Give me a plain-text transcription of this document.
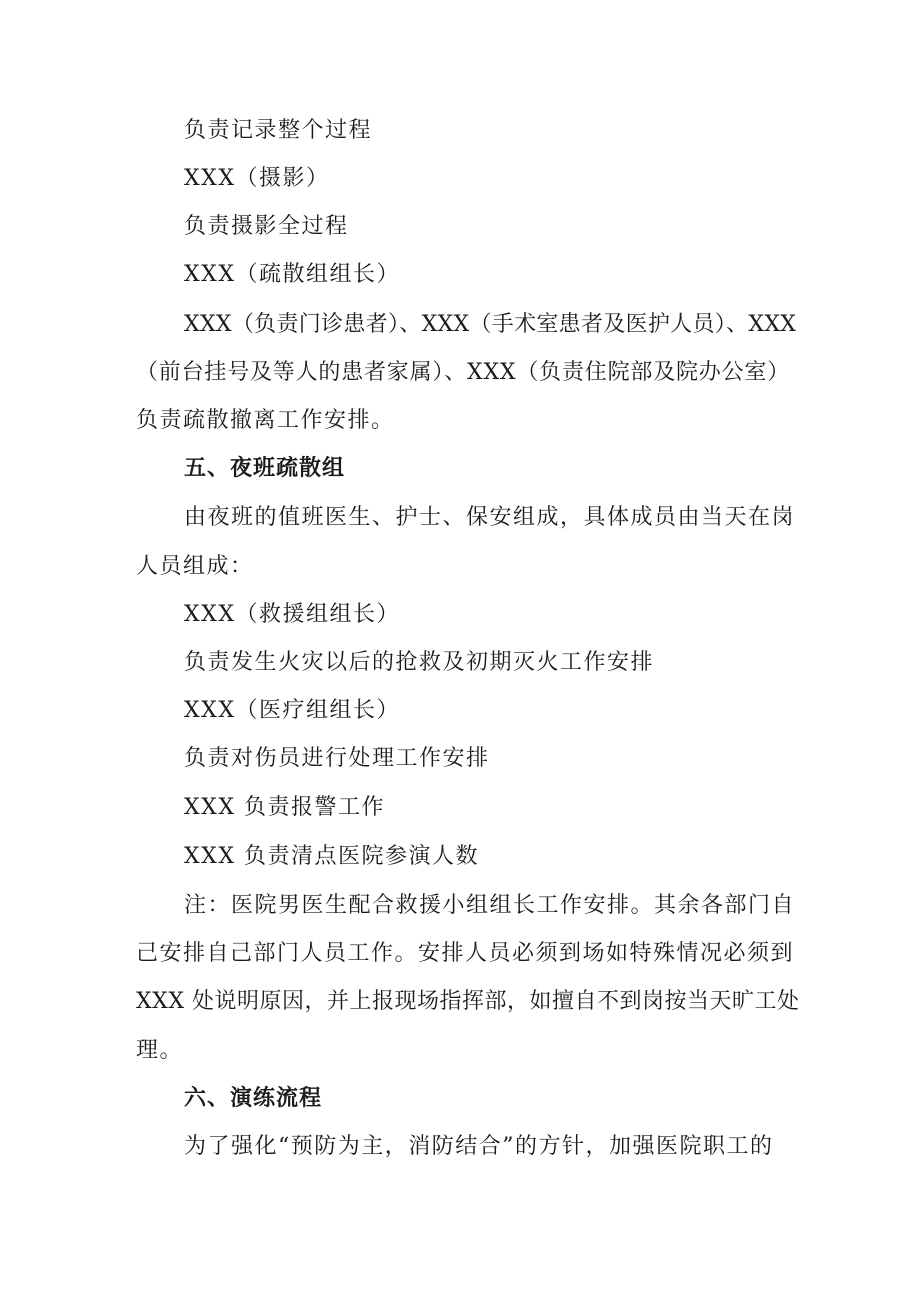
负责记录整个过程
XXX（摄影）
负责摄影全过程
XXX（疏散组组长）
XXX（负责门诊患者）、XXX（手术室患者及医护人员）、XXX
（前台挂号及等人的患者家属）、XXX（负责住院部及院办公室）
负责疏散撤离工作安排。
五、夜班疏散组
由夜班的值班医生、护士、保安组成，具体成员由当天在岗
人员组成：
XXX（救援组组长）
负责发生火灾以后的抢救及初期灭火工作安排
XXX（医疗组组长）
负责对伤员进行处理工作安排
XXX 负责报警工作
XXX 负责清点医院参演人数
注：医院男医生配合救援小组组长工作安排。其余各部门自
己安排自己部门人员工作。安排人员必须到场如特殊情况必须到
XXX 处说明原因，并上报现场指挥部，如擅自不到岗按当天旷工处
理。
六、演练流程
为了强化“预防为主，消防结合”的方针，加强医院职工的
